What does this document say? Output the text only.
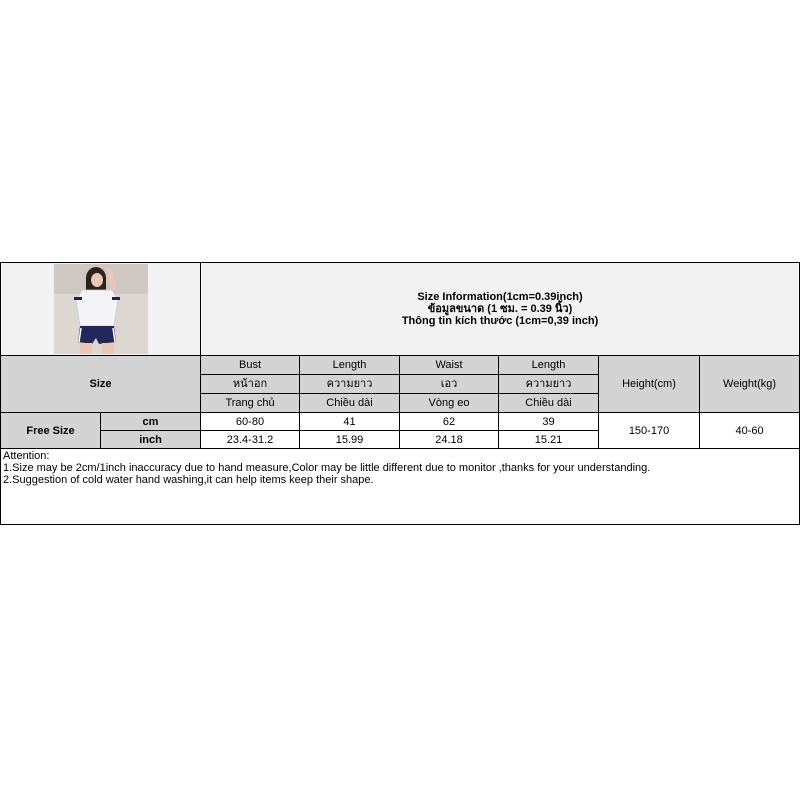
Size Information(1cm=0.39inch)
ข้อมูลขนาด (1 ซม. = 0.39 นิ้ว)
Thông tin kích thước (1cm=0,39 inch)					

Size		Bust	Length	Waist	Length	Height(cm)	Weight(kg)
		หน้าอก	ความยาว	เอว	ความยาว		
		Trang chủ	Chiều dài	Vòng eo	Chiều dài		
Free Size	cm	60-80	41	62	39	150-170	40-60
	inch	23.4-31.2	15.99	24.18	15.21		

Attention:
1.Size may be 2cm/1inch inaccuracy due to hand measure,Color may be little different due to monitor ,thanks for your understanding.
2.Suggestion of cold water hand washing,it can help items keep their shape.							
